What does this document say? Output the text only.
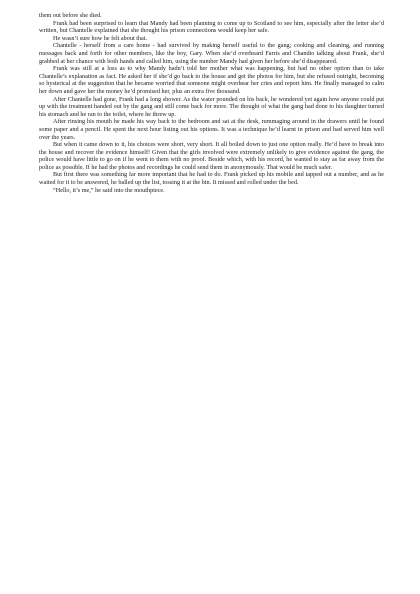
them out before she died.

Frank had been surprised to learn that Mandy had been planning to come up to Scotland to see him, especially after the letter she’d written, but Chantelle explained that she thought his prison connections would keep her safe.

He wasn’t sure how he felt about that.

Chantelle - herself from a care home - had survived by making herself useful to the gang; cooking and cleaning, and running messages back and forth for other members, like the boy, Gary. When she’d overheard Farris and Chandio talking about Frank, she’d grabbed at her chance with both hands and called him, using the number Mandy had given her before she’d disappeared.

Frank was still at a loss as to why Mandy hadn’t told her mother what was happening, but had no other option than to take Chantelle’s explanation as fact. He asked her if she’d go back to the house and get the photos for him, but she refused outright, becoming so hysterical at the suggestion that he became worried that someone might overhear her cries and report him. He finally managed to calm her down and gave her the money he’d promised her, plus an extra five thousand.

After Chantelle had gone, Frank had a long shower. As the water pounded on his back, he wondered yet again how anyone could put up with the treatment handed out by the gang and still come back for more. The thought of what the gang had done to his daughter turned his stomach and he ran to the toilet, where he threw up.

After rinsing his mouth he made his way back to the bedroom and sat at the desk, rummaging around in the drawers until he found some paper and a pencil. He spent the next hour listing out his options. It was a technique he’d learnt in prison and had served him well over the years.

But when it came down to it, his choices were short, very short. It all boiled down to just one option really. He’d have to break into the house and recover the evidence himself! Given that the girls involved were extremely unlikely to give evidence against the gang, the police would have little to go on if he went to them with no proof. Beside which, with his record, he wanted to stay as far away from the police as possible. If he had the photos and recordings he could send them in anonymously. That would be much safer.

But first there was something far more important that he had to do. Frank picked up his mobile and tapped out a number, and as he waited for it to be answered, he balled up the list, tossing it at the bin. It missed and rolled under the bed.

“Hello, it’s me,” he said into the mouthpiece.
